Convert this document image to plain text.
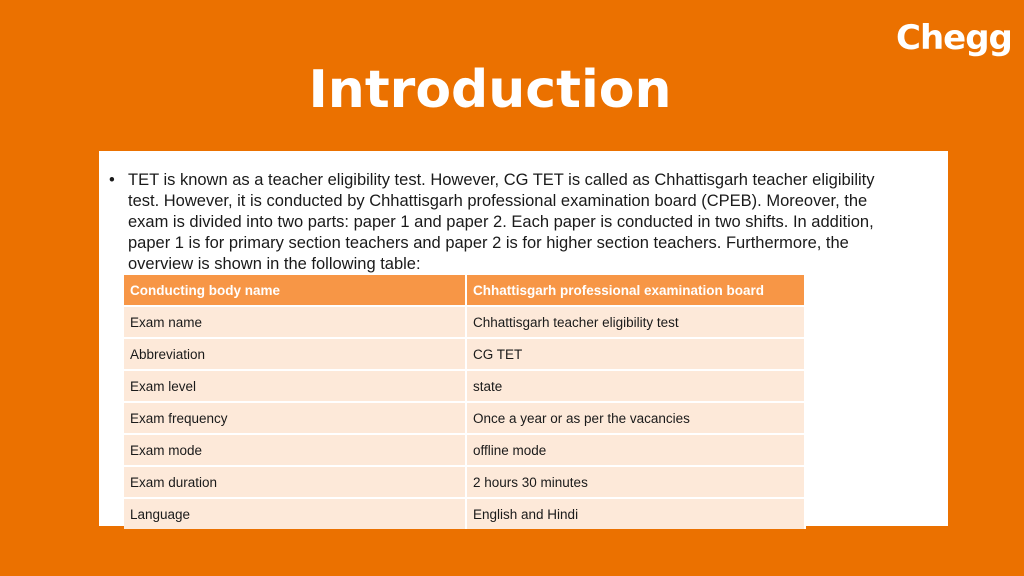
Chegg
Introduction
• TET is known as a teacher eligibility test. However, CG TET is called as Chhattisgarh teacher eligibility test. However, it is conducted by Chhattisgarh professional examination board (CPEB). Moreover, the exam is divided into two parts: paper 1 and paper 2. Each paper is conducted in two shifts. In addition, paper 1 is for primary section teachers and paper 2 is for higher section teachers. Furthermore, the overview is shown in the following table:
Conducting body name	Chhattisgarh professional examination board
Exam name	Chhattisgarh teacher eligibility test
Abbreviation	CG TET
Exam level	state
Exam frequency	Once a year or as per the vacancies
Exam mode	offline mode
Exam duration	2 hours 30 minutes
Language	English and Hindi
